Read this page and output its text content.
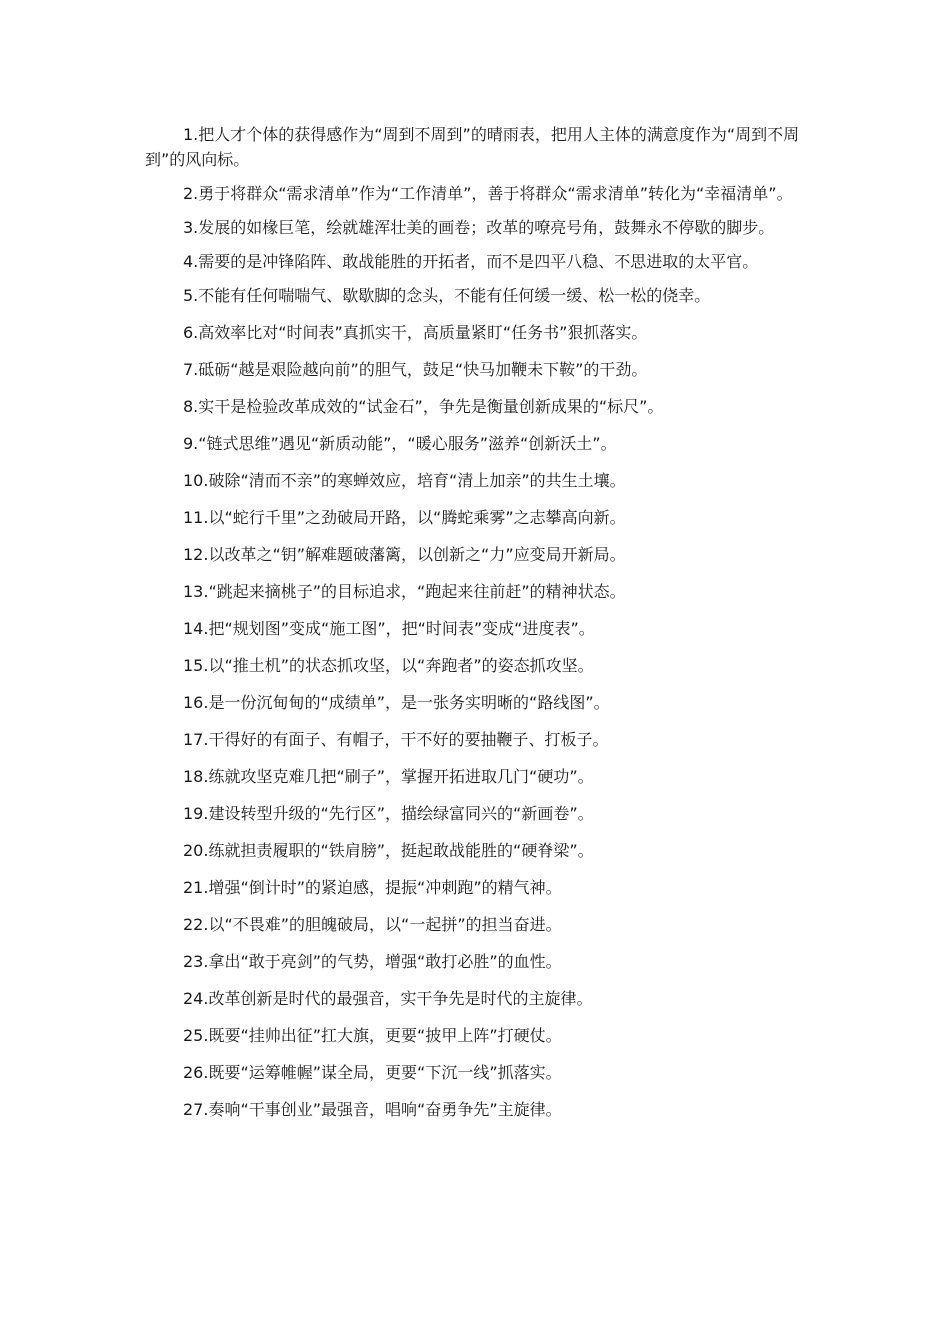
1.把人才个体的获得感作为“周到不周到”的晴雨表，把用人主体的满意度作为“周到不周到”的风向标。

2.勇于将群众“需求清单”作为“工作清单”，善于将群众“需求清单”转化为“幸福清单”。

3.发展的如椽巨笔，绘就雄浑壮美的画卷；改革的嘹亮号角，鼓舞永不停歇的脚步。

4.需要的是冲锋陷阵、敢战能胜的开拓者，而不是四平八稳、不思进取的太平官。

5.不能有任何喘喘气、歇歇脚的念头，不能有任何缓一缓、松一松的侥幸。

6.高效率比对“时间表”真抓实干，高质量紧盯“任务书”狠抓落实。

7.砥砺“越是艰险越向前”的胆气，鼓足“快马加鞭未下鞍”的干劲。

8.实干是检验改革成效的“试金石”，争先是衡量创新成果的“标尺”。

9.“链式思维”遇见“新质动能”，“暖心服务”滋养“创新沃土”。

10.破除“清而不亲”的寒蝉效应，培育“清上加亲”的共生土壤。

11.以“蛇行千里”之劲破局开路，以“腾蛇乘雾”之志攀高向新。

12.以改革之“钥”解难题破藩篱，以创新之“力”应变局开新局。

13.“跳起来摘桃子”的目标追求，“跑起来往前赶”的精神状态。

14.把“规划图”变成“施工图”，把“时间表”变成“进度表”。

15.以“推土机”的状态抓攻坚，以“奔跑者”的姿态抓攻坚。

16.是一份沉甸甸的“成绩单”，是一张务实明晰的“路线图”。

17.干得好的有面子、有帽子，干不好的要抽鞭子、打板子。

18.练就攻坚克难几把“刷子”，掌握开拓进取几门“硬功”。

19.建设转型升级的“先行区”，描绘绿富同兴的“新画卷”。

20.练就担责履职的“铁肩膀”，挺起敢战能胜的“硬脊梁”。

21.增强“倒计时”的紧迫感，提振“冲刺跑”的精气神。

22.以“不畏难”的胆魄破局，以“一起拼”的担当奋进。

23.拿出“敢于亮剑”的气势，增强“敢打必胜”的血性。

24.改革创新是时代的最强音，实干争先是时代的主旋律。

25.既要“挂帅出征”扛大旗，更要“披甲上阵”打硬仗。

26.既要“运筹帷幄”谋全局，更要“下沉一线”抓落实。

27.奏响“干事创业”最强音，唱响“奋勇争先”主旋律。
